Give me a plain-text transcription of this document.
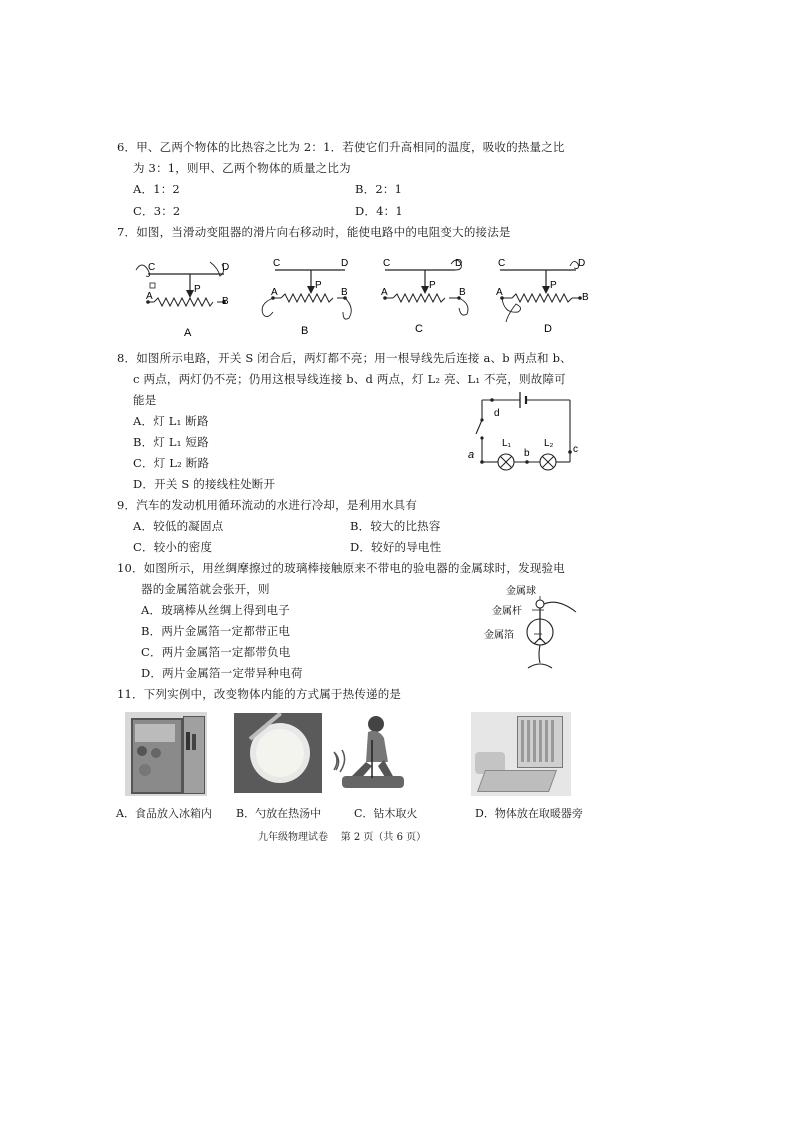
6．甲、乙两个物体的比热容之比为 2：1．若使它们升高相同的温度，吸收的热量之比
为 3：1，则甲、乙两个物体的质量之比为
A．1：2	B．2：1
C．3：2	D．4：1
7．如图，当滑动变阻器的滑片向右移动时，能使电路中的电阻变大的接法是
C	D
A	B
P
A
C	D
A	B
P
B
C	D
A	B
P
C
C	D
A	B
P
D
8．如图所示电路，开关 S 闭合后，两灯都不亮；用一根导线先后连接 a、b 两点和 b、
c 两点，两灯仍不亮；仍用这根导线连接 b、d 两点，灯 L₂ 亮、L₁ 不亮，则故障可
能是
A．灯 L₁ 断路
B．灯 L₁ 短路
C．灯 L₂ 断路
D．开关 S 的接线柱处断开
d
a	b	c
L₁	L₂
9．汽车的发动机用循环流动的水进行冷却，是利用水具有
A．较低的凝固点	B．较大的比热容
C．较小的密度	D．较好的导电性
10．如图所示，用丝绸摩擦过的玻璃棒接触原来不带电的验电器的金属球时，发现验电
器的金属箔就会张开，则
A．玻璃棒从丝绸上得到电子
B．两片金属箔一定都带正电
C．两片金属箔一定都带负电
D．两片金属箔一定带异种电荷
金属球
金属杆
金属箔
11．下列实例中，改变物体内能的方式属于热传递的是
A．食品放入冰箱内 B．勺放在热汤中	C．钻木取火	D．物体放在取暖器旁
九年级物理试卷    第 2 页（共 6 页）
